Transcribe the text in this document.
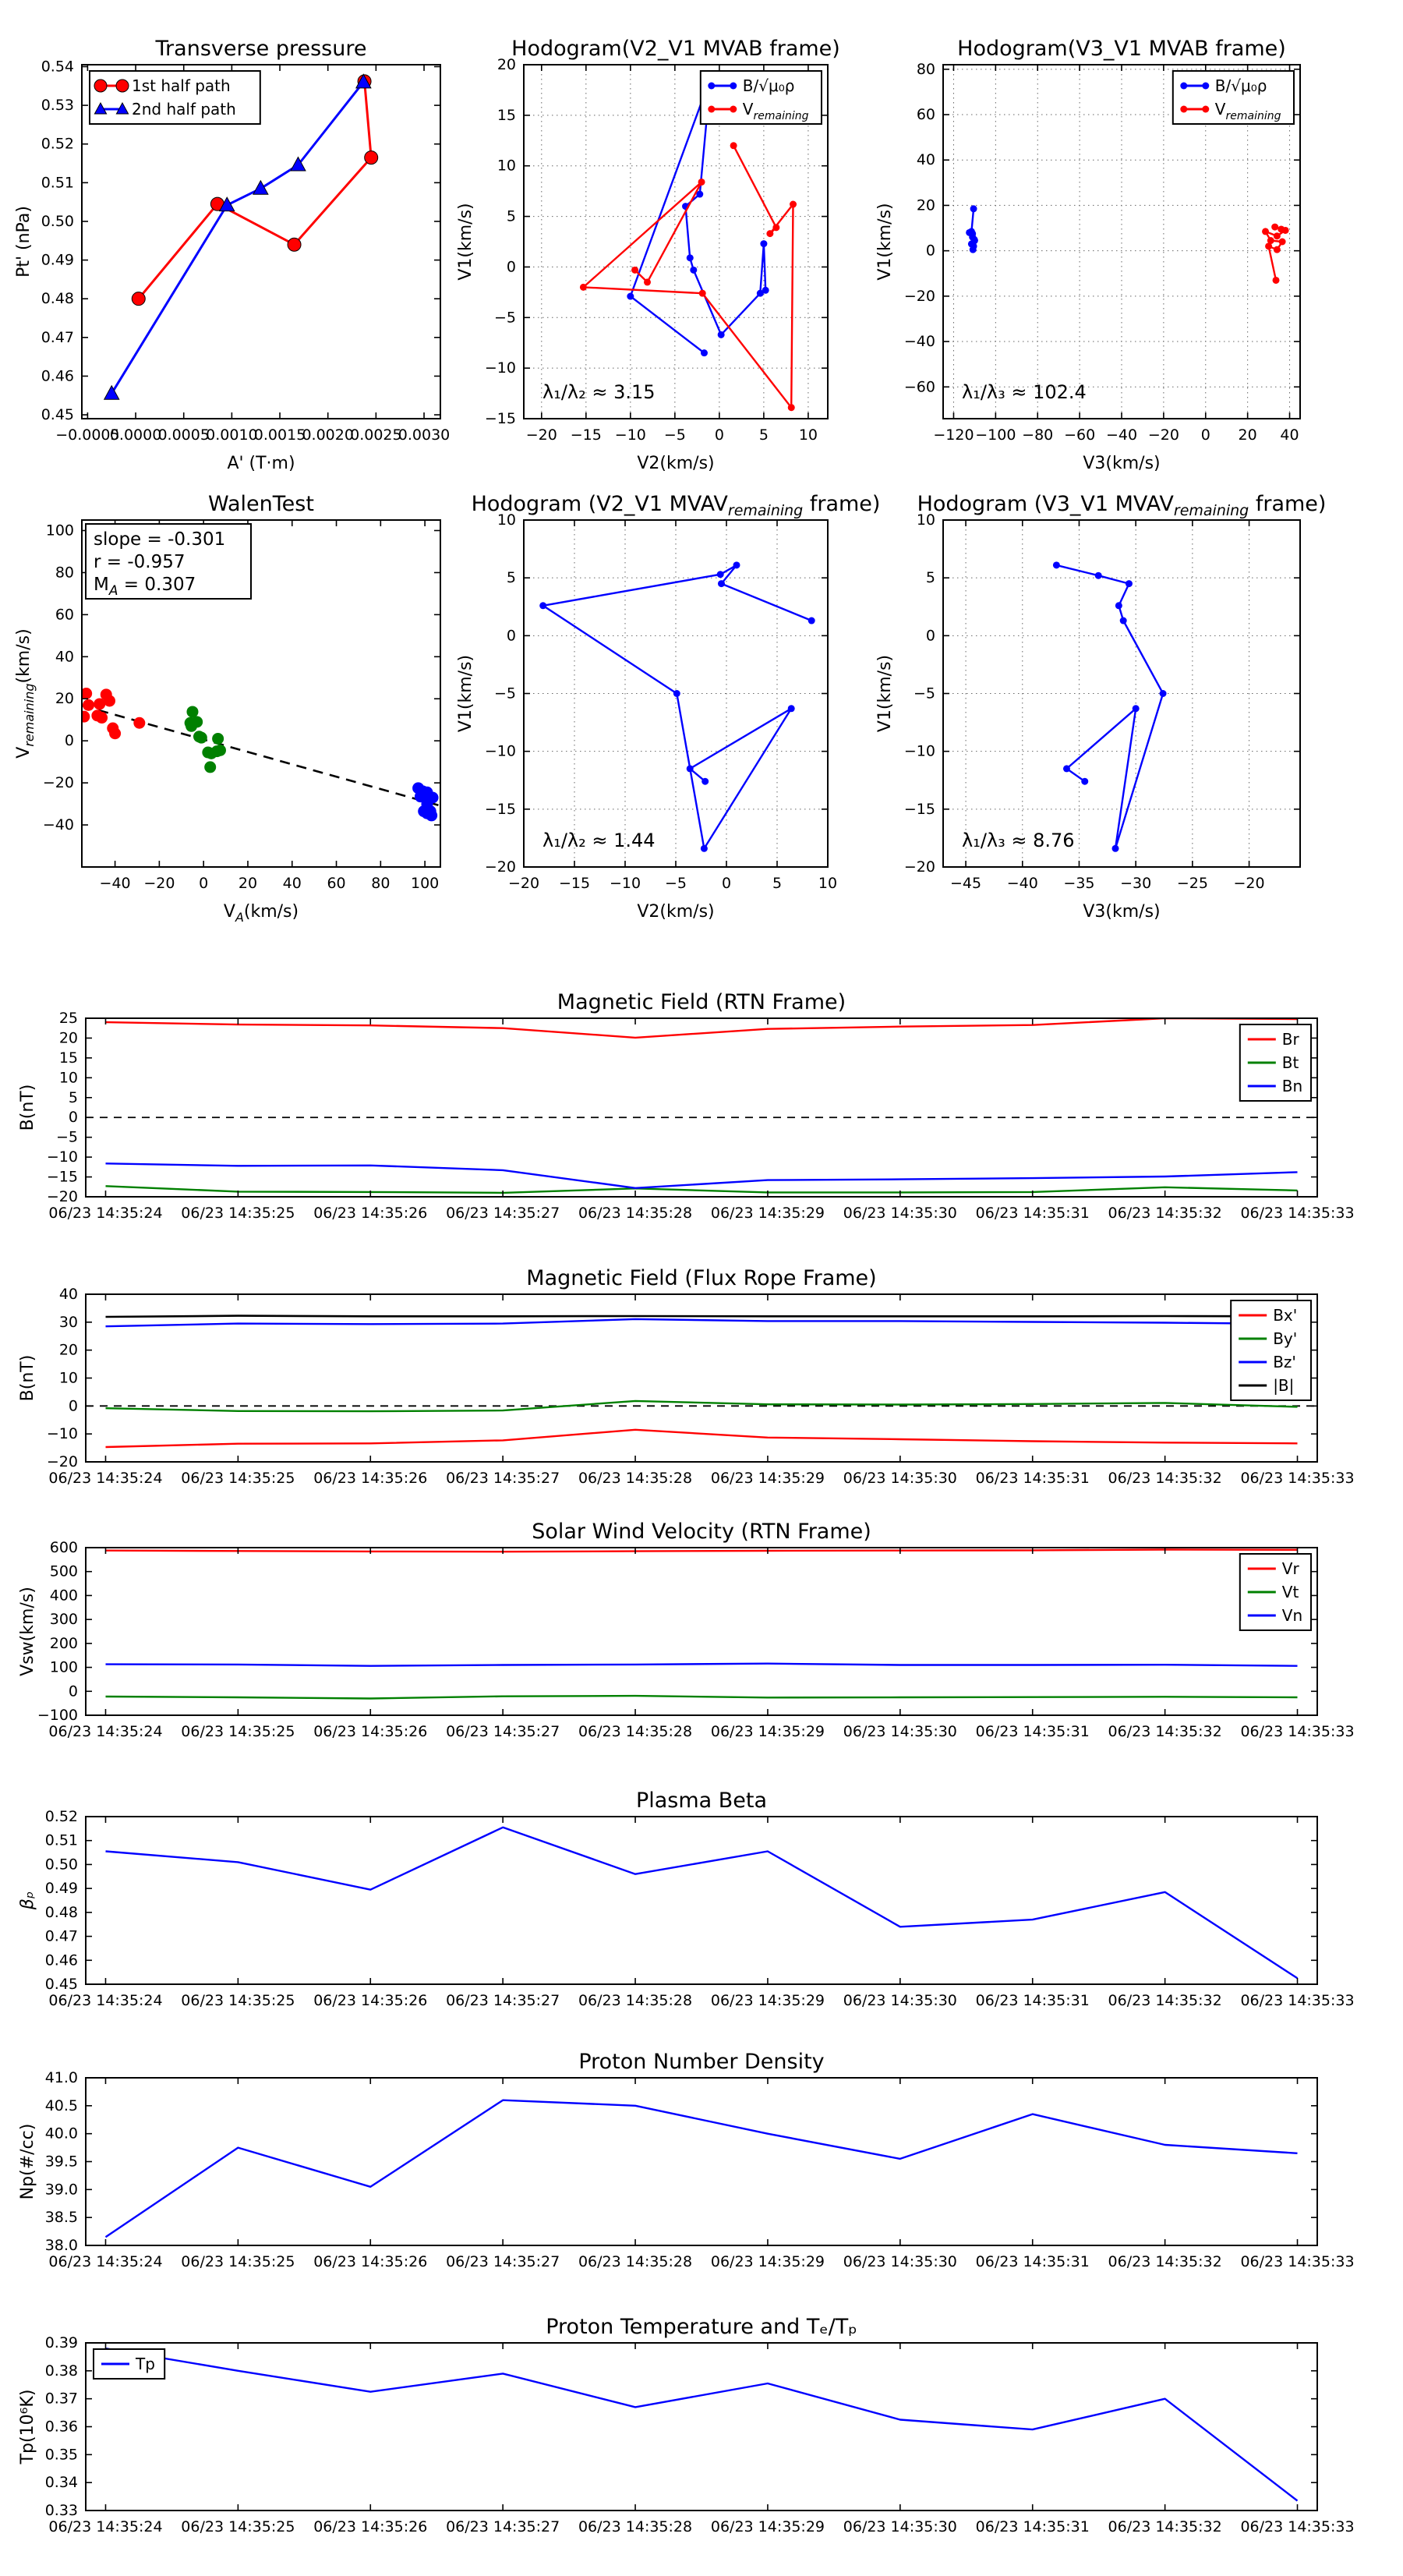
−0.0005
0.0000
0.0005
0.0010
0.0015
0.0020
0.0025
0.0030
0.45
0.46
0.47
0.48
0.49
0.50
0.51
0.52
0.53
0.54
Transverse pressure
A' (T·m)
Pt' (nPa)
1st half path
2nd half path
−20 −15 −10 −5 0 5 10
−15
−10
−5
0
5
10
15
20
Hodogram(V2_V1 MVAB frame)
V2(km/s)
V1(km/s)
λ₁/λ₂ ≈ 3.15
B/√μ₀ρ
$V_{remaining}$
−120 −100 −80 −60 −40 −20 0 20 40
−60
−40
−20
0
20
40
60
80
Hodogram(V3_V1 MVAB frame)
V3(km/s)
V1(km/s)
λ₁/λ₃ ≈ 102.4
B/√μ₀ρ
$V_{remaining}$
−40 −20 0 20 40 60 80 100
−40
−20
0
20
40
60
80
100
WalenTest
$V_A(km/s)$
$V_{remaining}(km/s)$
slope = -0.301
r = -0.957
$M_A = 0.307$
−20 −15 −10 −5 0	5 10
−20
−15
−10
−5
0
5
10
Hodogram (V2_V1 $MVAV_{remaining}$ frame)
V2(km/s)
V1(km/s)
λ₁/λ₂ ≈ 1.44
−45 −40 −35 −30 −25 −20
−20
−15
−10
−5
0
5
10
Hodogram (V3_V1 $MVAV_{remaining}$ frame)
V3(km/s)
V1(km/s)
λ₁/λ₃ ≈ 8.76
06/23 14:35:24 06/23 14:35:25 06/23 14:35:26 06/23 14:35:27 06/23 14:35:28 06/23 14:35:29 06/23 14:35:30 06/23 14:35:31 06/23 14:35:32 06/23 14:35:33
−20
−15
−10
−5
0
5
10
15
20
25
Magnetic Field (RTN Frame)
B(nT)
Br
Bt
Bn
06/23 14:35:24 06/23 14:35:25 06/23 14:35:26 06/23 14:35:27 06/23 14:35:28 06/23 14:35:29 06/23 14:35:30 06/23 14:35:31 06/23 14:35:32 06/23 14:35:33
−20
−10
0
10
20
30
40
Magnetic Field (Flux Rope Frame)
B(nT)
Bx'
By'
Bz'
|B|
06/23 14:35:24 06/23 14:35:25 06/23 14:35:26 06/23 14:35:27 06/23 14:35:28 06/23 14:35:29 06/23 14:35:30 06/23 14:35:31 06/23 14:35:32 06/23 14:35:33
−100
0
100
200
300
400
500
600
Solar Wind Velocity (RTN Frame)
Vsw(km/s)
Vr
Vt
Vn
06/23 14:35:24 06/23 14:35:25 06/23 14:35:26 06/23 14:35:27 06/23 14:35:28 06/23 14:35:29 06/23 14:35:30 06/23 14:35:31 06/23 14:35:32 06/23 14:35:33
0.45
0.46
0.47
0.48
0.49
0.50
0.51
0.52
Plasma Beta
βₚ
06/23 14:35:24 06/23 14:35:25 06/23 14:35:26 06/23 14:35:27 06/23 14:35:28 06/23 14:35:29 06/23 14:35:30 06/23 14:35:31 06/23 14:35:32 06/23 14:35:33
38.0
38.5
39.0
39.5
40.0
40.5
41.0
Proton Number Density
Np(#/cc)
06/23 14:35:24 06/23 14:35:25 06/23 14:35:26 06/23 14:35:27 06/23 14:35:28 06/23 14:35:29 06/23 14:35:30 06/23 14:35:31 06/23 14:35:32 06/23 14:35:33
0.33
0.34
0.35
0.36
0.37
0.38
0.39
Proton Temperature and Tₑ/Tₚ
Tp(10⁶K)
Tp
